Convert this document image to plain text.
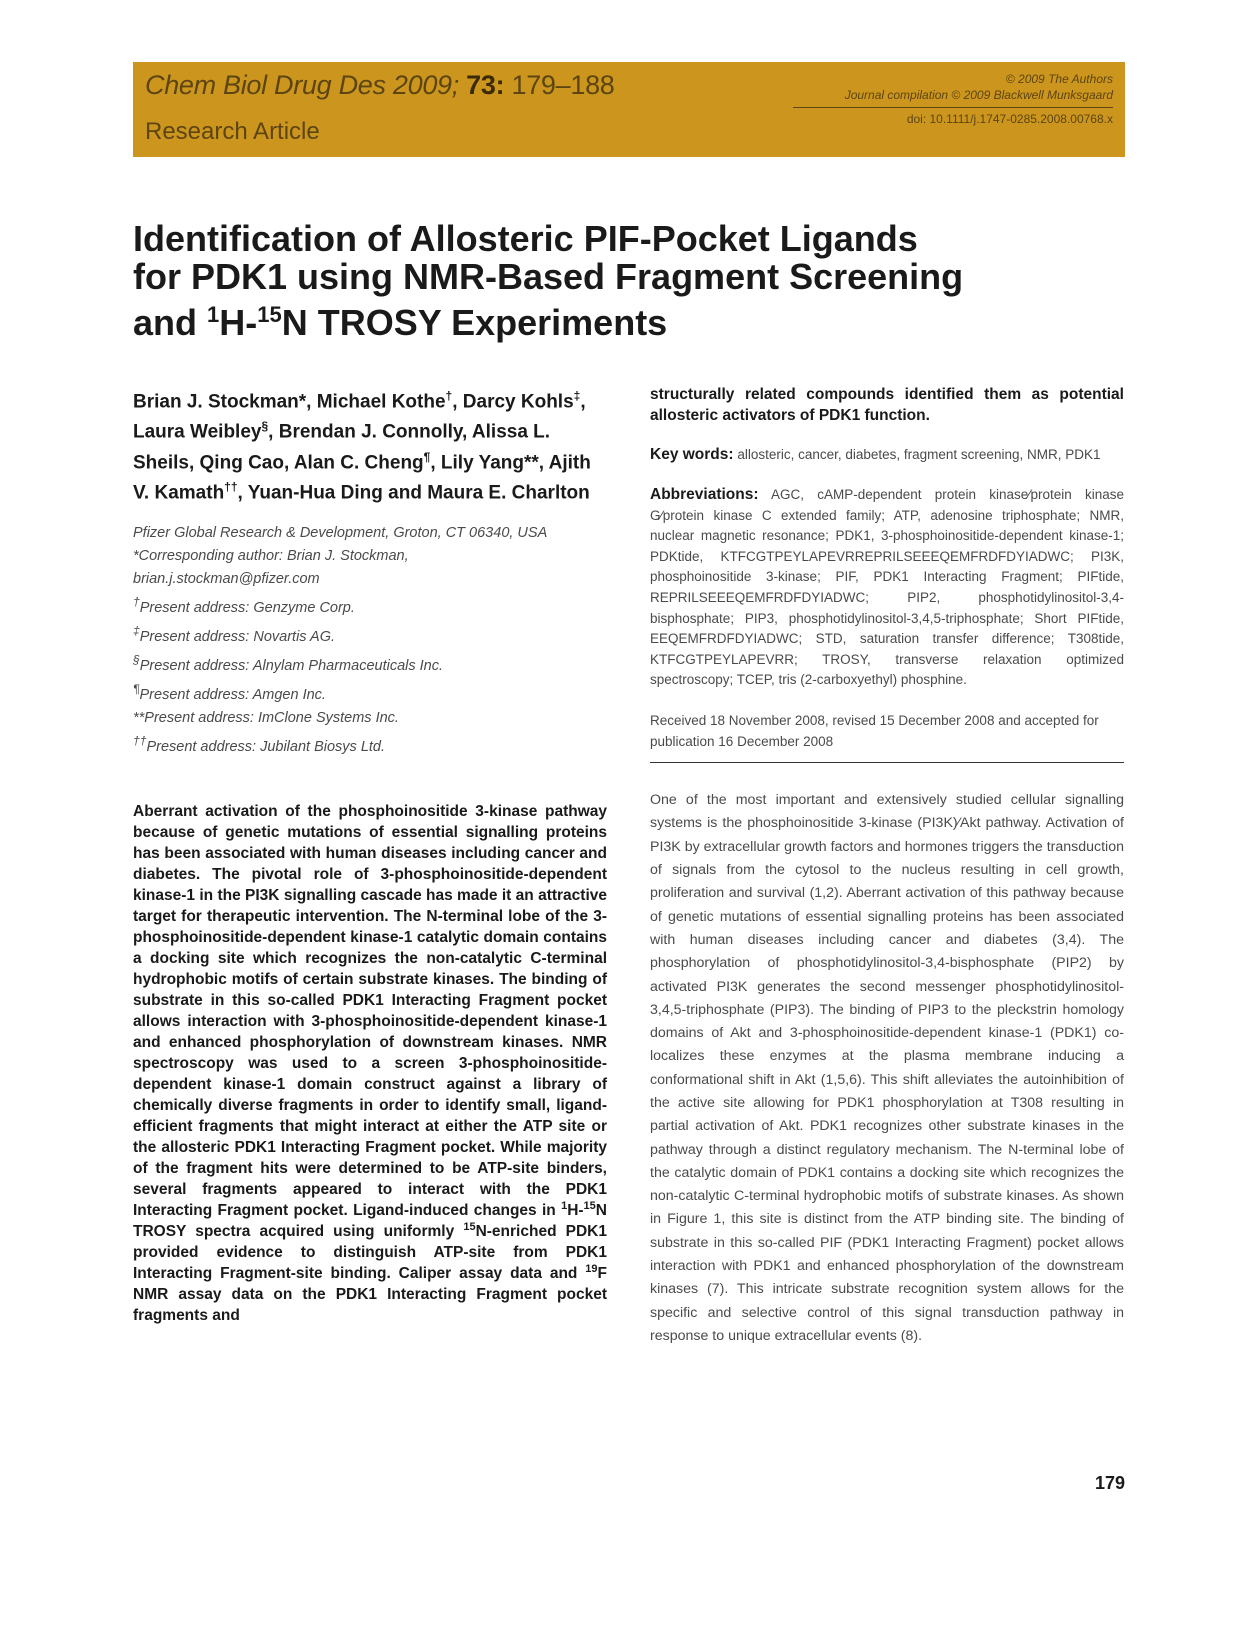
Chem Biol Drug Des 2009; 73: 179–188
Research Article
© 2009 The Authors
Journal compilation © 2009 Blackwell Munksgaard
doi: 10.1111/j.1747-0285.2008.00768.x
Identification of Allosteric PIF-Pocket Ligands
for PDK1 using NMR-Based Fragment Screening
and $^1$H-$^{15}$N TROSY Experiments
Brian J. Stockman*, Michael Kothe†, Darcy Kohls‡, Laura Weibley§, Brendan J. Connolly, Alissa L. Sheils, Qing Cao, Alan C. Cheng¶, Lily Yang**, Ajith V. Kamath††, Yuan-Hua Ding and Maura E. Charlton
Pfizer Global Research & Development, Groton, CT 06340, USA
*Corresponding author: Brian J. Stockman,
brian.j.stockman@pfizer.com
†Present address: Genzyme Corp.
‡Present address: Novartis AG.
§Present address: Alnylam Pharmaceuticals Inc.
¶Present address: Amgen Inc.
**Present address: ImClone Systems Inc.
††Present address: Jubilant Biosys Ltd.
Aberrant activation of the phosphoinositide 3-kinase pathway because of genetic mutations of essential signalling proteins has been associated with human diseases including cancer and diabetes. The pivotal role of 3-phosphoinositide-dependent kinase-1 in the PI3K signalling cascade has made it an attractive target for therapeutic intervention. The N-terminal lobe of the 3-phosphoinositide-dependent kinase-1 catalytic domain contains a docking site which recognizes the non-catalytic C-terminal hydrophobic motifs of certain substrate kinases. The binding of substrate in this so-called PDK1 Interacting Fragment pocket allows interaction with 3-phosphoinositide-dependent kinase-1 and enhanced phosphorylation of downstream kinases. NMR spectroscopy was used to a screen 3-phosphoinositide-dependent kinase-1 domain construct against a library of chemically diverse fragments in order to identify small, ligand-efficient fragments that might interact at either the ATP site or the allosteric PDK1 Interacting Fragment pocket. While majority of the fragment hits were determined to be ATP-site binders, several fragments appeared to interact with the PDK1 Interacting Fragment pocket. Ligand-induced changes in $^1$H-$^{15}$N TROSY spectra acquired using uniformly $^{15}$N-enriched PDK1 provided evidence to distinguish ATP-site from PDK1 Interacting Fragment-site binding. Caliper assay data and $^{19}$F NMR assay data on the PDK1 Interacting Fragment pocket fragments and
structurally related compounds identified them as potential allosteric activators of PDK1 function.
Key words: allosteric, cancer, diabetes, fragment screening, NMR, PDK1
Abbreviations: AGC, cAMP-dependent protein kinase⁄protein kinase G⁄protein kinase C extended family; ATP, adenosine triphosphate; NMR, nuclear magnetic resonance; PDK1, 3-phosphoinositide-dependent kinase-1; PDKtide, KTFCGTPEYLAPEVRREPRILSEEEQEMFRDFDYIADWC; PI3K, phosphoinositide 3-kinase; PIF, PDK1 Interacting Fragment; PIFtide, REPRILSEEEQEMFRDFDYIADWC; PIP2, phosphotidylinositol-3,4-bisphosphate; PIP3, phosphotidylinositol-3,4,5-triphosphate; Short PIFtide, EEQEMFRDFDYIADWC; STD, saturation transfer difference; T308tide, KTFCGTPEYLAPEVRR; TROSY, transverse relaxation optimized spectroscopy; TCEP, tris (2-carboxyethyl) phosphine.
Received 18 November 2008, revised 15 December 2008 and accepted for publication 16 December 2008
One of the most important and extensively studied cellular signalling systems is the phosphoinositide 3-kinase (PI3K)⁄Akt pathway. Activation of PI3K by extracellular growth factors and hormones triggers the transduction of signals from the cytosol to the nucleus resulting in cell growth, proliferation and survival (1,2). Aberrant activation of this pathway because of genetic mutations of essential signalling proteins has been associated with human diseases including cancer and diabetes (3,4). The phosphorylation of phosphotidylinositol-3,4-bisphosphate (PIP2) by activated PI3K generates the second messenger phosphotidylinositol-3,4,5-triphosphate (PIP3). The binding of PIP3 to the pleckstrin homology domains of Akt and 3-phosphoinositide-dependent kinase-1 (PDK1) co-localizes these enzymes at the plasma membrane inducing a conformational shift in Akt (1,5,6). This shift alleviates the autoinhibition of the active site allowing for PDK1 phosphorylation at T308 resulting in partial activation of Akt. PDK1 recognizes other substrate kinases in the pathway through a distinct regulatory mechanism. The N-terminal lobe of the catalytic domain of PDK1 contains a docking site which recognizes the non-catalytic C-terminal hydrophobic motifs of substrate kinases. As shown in Figure 1, this site is distinct from the ATP binding site. The binding of substrate in this so-called PIF (PDK1 Interacting Fragment) pocket allows interaction with PDK1 and enhanced phosphorylation of the downstream kinases (7). This intricate substrate recognition system allows for the specific and selective control of this signal transduction pathway in response to unique extracellular events (8).
179
